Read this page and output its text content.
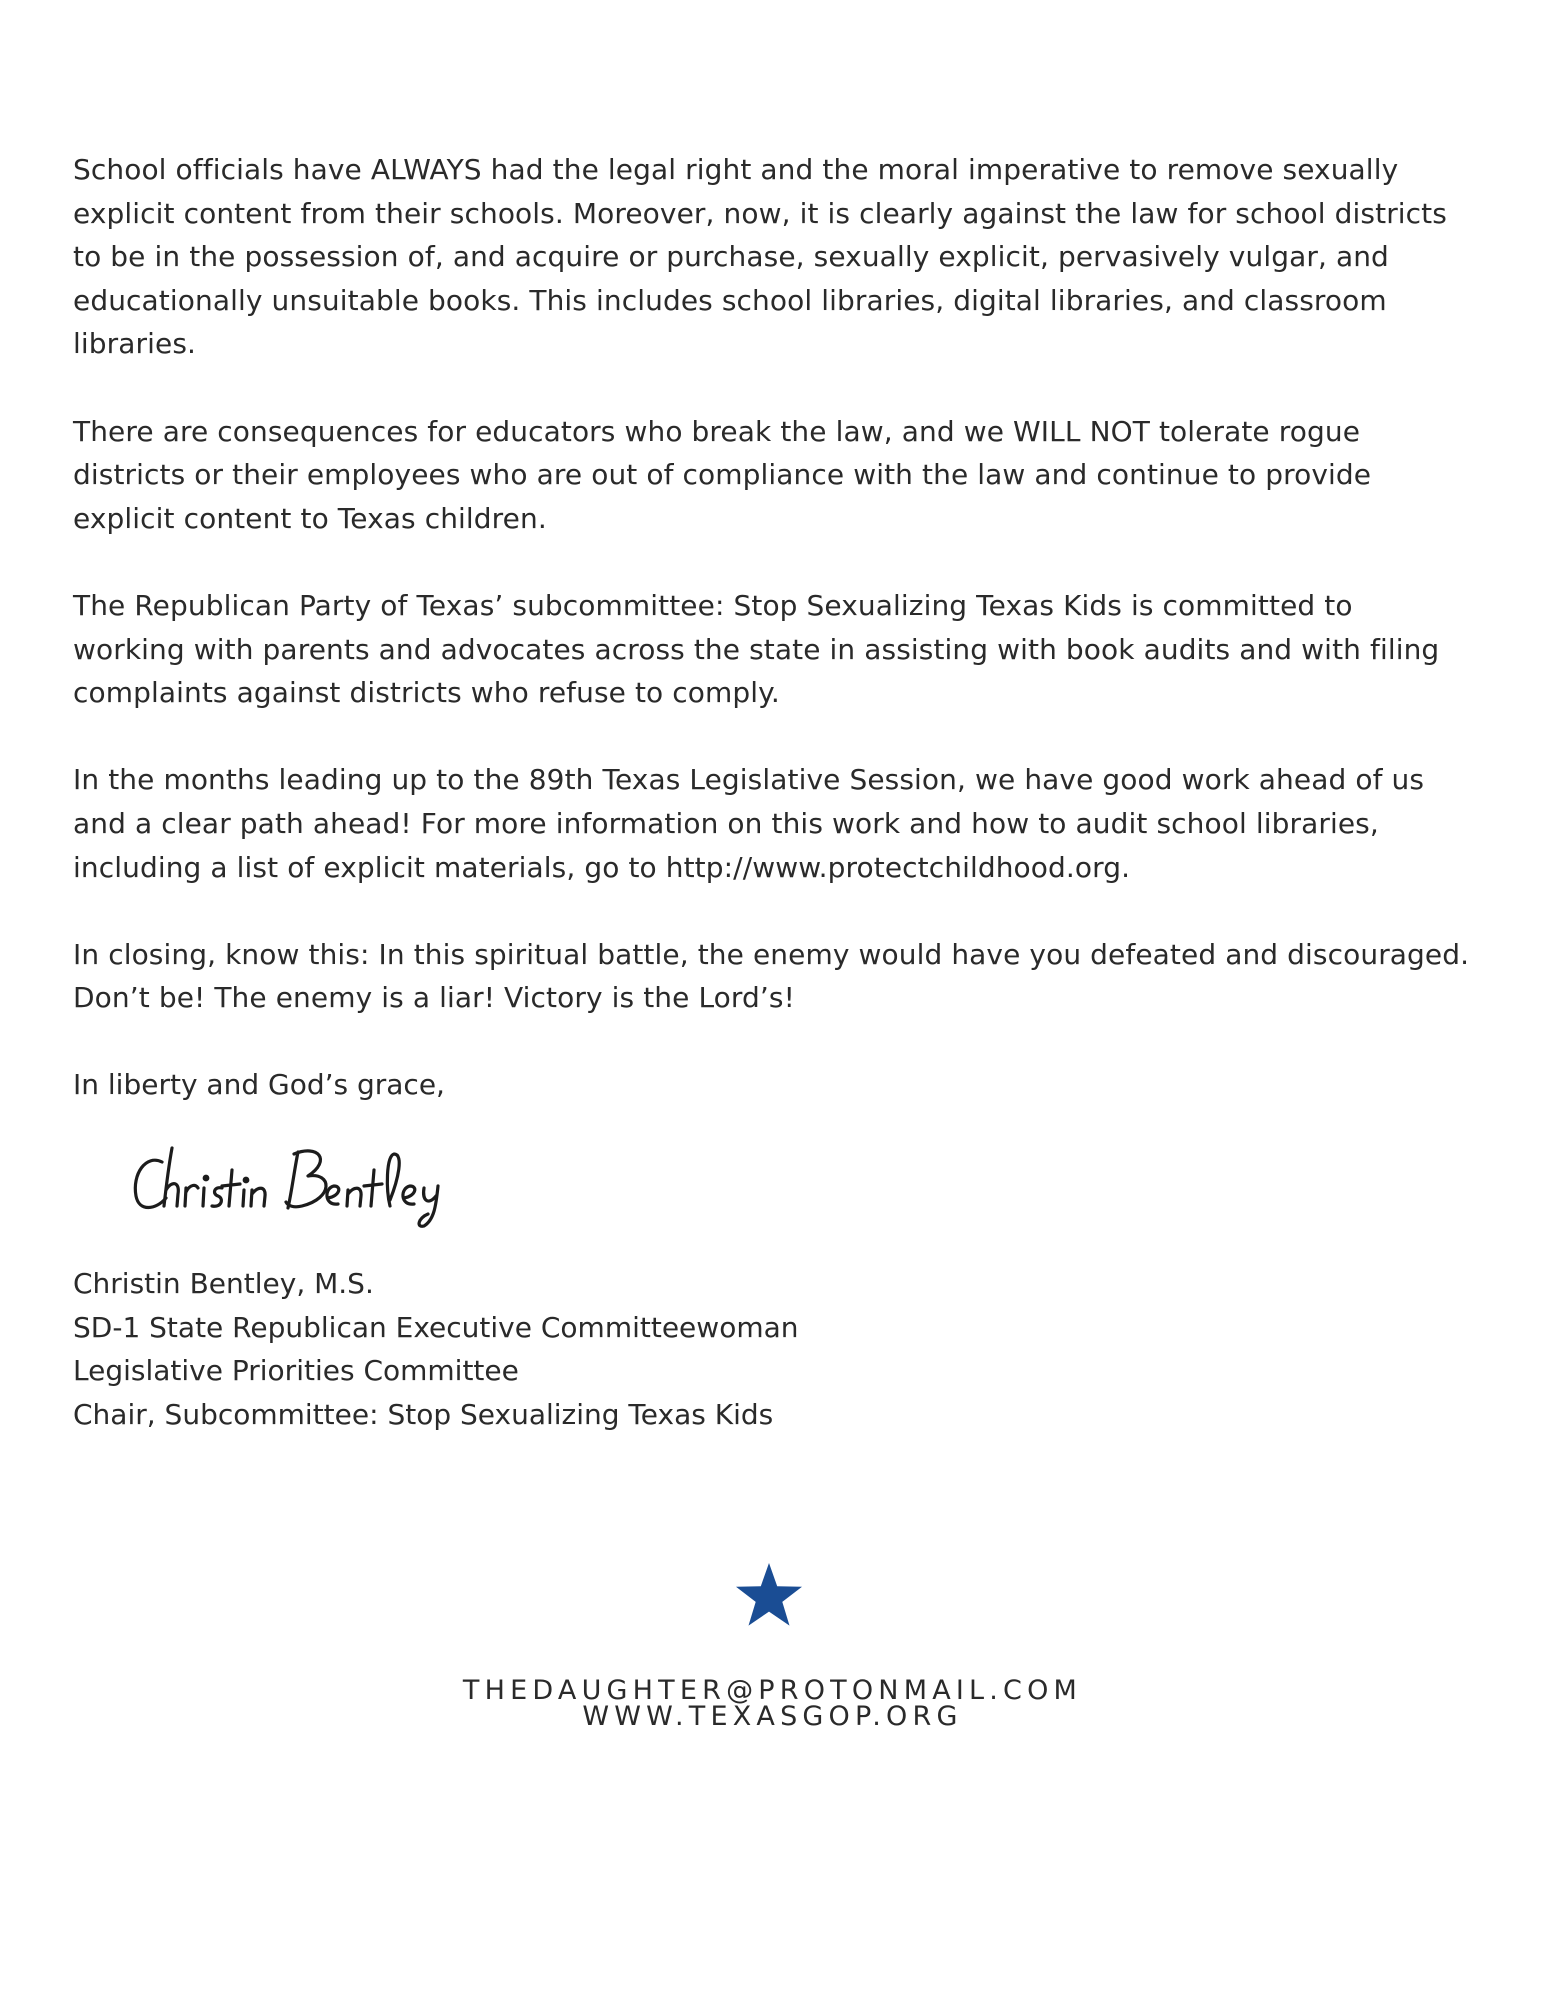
School officials have ALWAYS had the legal right and the moral imperative to remove sexually explicit content from their schools. Moreover, now, it is clearly against the law for school districts to be in the possession of, and acquire or purchase, sexually explicit, pervasively vulgar, and educationally unsuitable books. This includes school libraries, digital libraries, and classroom libraries.

There are consequences for educators who break the law, and we WILL NOT tolerate rogue districts or their employees who are out of compliance with the law and continue to provide explicit content to Texas children.

The Republican Party of Texas’ subcommittee: Stop Sexualizing Texas Kids is committed to working with parents and advocates across the state in assisting with book audits and with filing complaints against districts who refuse to comply.

In the months leading up to the 89th Texas Legislative Session, we have good work ahead of us and a clear path ahead! For more information on this work and how to audit school libraries, including a list of explicit materials, go to http://www.protectchildhood.org.

In closing, know this: In this spiritual battle, the enemy would have you defeated and discouraged. Don’t be! The enemy is a liar! Victory is the Lord’s!

In liberty and God’s grace,

Christin Bentley, M.S.
SD-1 State Republican Executive Committeewoman
Legislative Priorities Committee
Chair, Subcommittee: Stop Sexualizing Texas Kids
THEDAUGHTER@PROTONMAIL.COM
WWW.TEXASGOP.ORG
